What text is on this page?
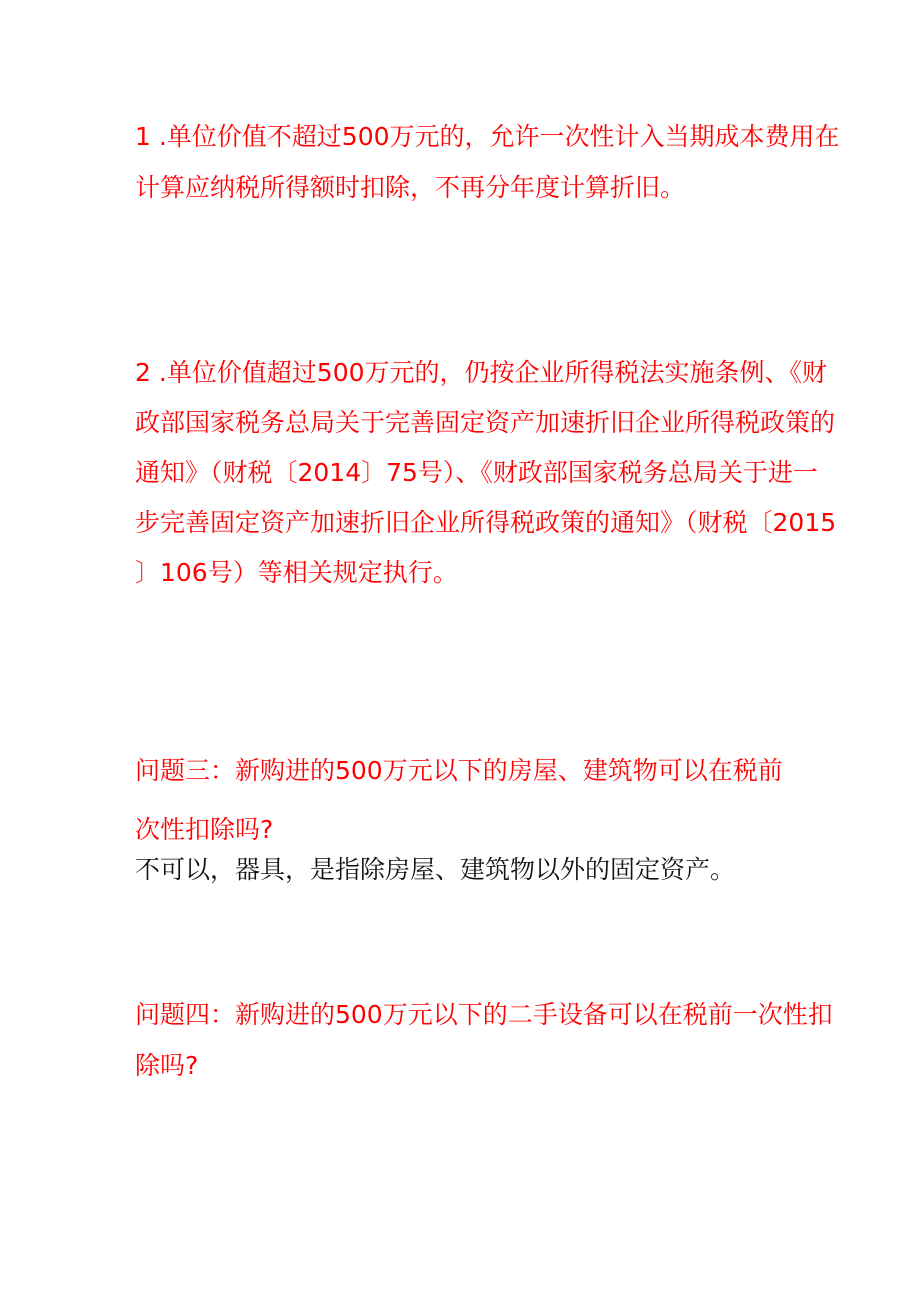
1 .单位价值不超过500万元的，允许一次性计入当期成本费用在
计算应纳税所得额时扣除，不再分年度计算折旧。
2 .单位价值超过500万元的，仍按企业所得税法实施条例、《财
政部国家税务总局关于完善固定资产加速折旧企业所得税政策的
通知》（财税〔2014〕75号）、《财政部国家税务总局关于进一
步完善固定资产加速折旧企业所得税政策的通知》（财税〔2015
〕106号）等相关规定执行。
问题三：新购进的500万元以下的房屋、建筑物可以在税前
次性扣除吗?
不可以，器具，是指除房屋、建筑物以外的固定资产。
问题四：新购进的500万元以下的二手设备可以在税前一次性扣
除吗?
